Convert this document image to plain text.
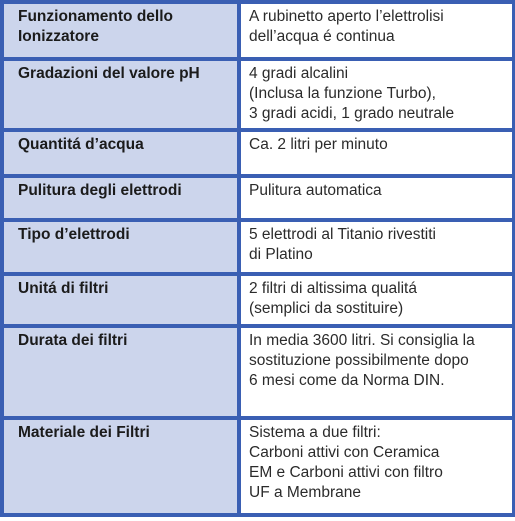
	Funzionamento dello
Ionizzatore	A rubinetto aperto l’elettrolisi
dell’acqua é continua

	Gradazioni del valore pH	4 gradi alcalini
(Inclusa la funzione Turbo),
3 gradi acidi, 1 grado neutrale

	Quantitá d’acqua	Ca. 2 litri per minuto

	Pulitura degli elettrodi	Pulitura automatica

	Tipo d’elettrodi	5 elettrodi al Titanio rivestiti
di Platino

	Unitá di filtri	2 filtri di altissima qualitá
(semplici da sostituire)

	Durata dei filtri	In media 3600 litri. Si consiglia la
sostituzione possibilmente dopo
6 mesi come da Norma DIN.

	Materiale dei Filtri	Sistema a due filtri:
Carboni attivi con Ceramica
EM e Carboni attivi con filtro
UF a Membrane
